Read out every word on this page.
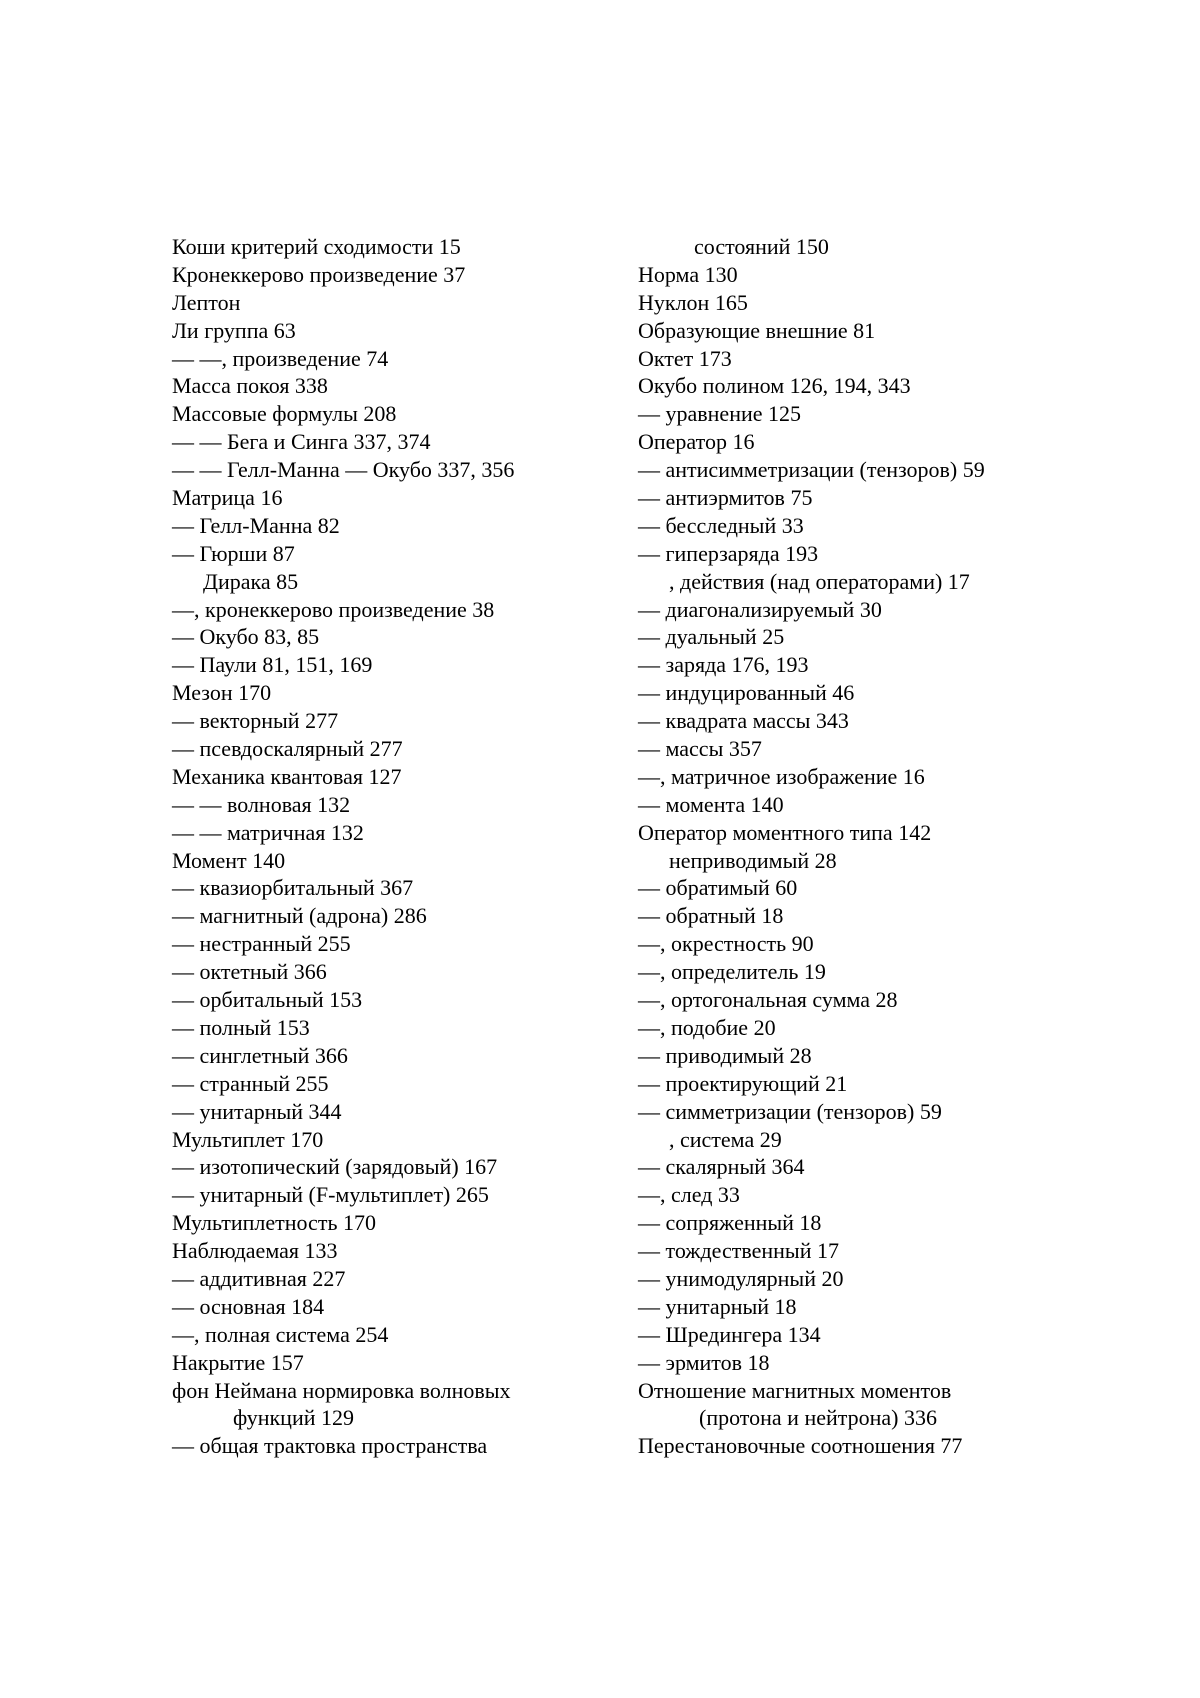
Коши критерий сходимости 15
Кронеккерово произведение 37
Лептон
Ли группа 63
— —, произведение 74
Масса покоя 338
Массовые формулы 208
— — Бега и Синга 337, 374
— — Гелл-Манна — Окубо 337, 356
Матрица 16
— Гелл-Манна 82
— Гюрши 87
Дирака 85
—, кронеккерово произведение 38
— Окубо 83, 85
— Паули 81, 151, 169
Мезон 170
— векторный 277
— псевдоскалярный 277
Механика квантовая 127
— — волновая 132
— — матричная 132
Момент 140
— квазиорбитальный 367
— магнитный (адрона) 286
— нестранный 255
— октетный 366
— орбитальный 153
— полный 153
— синглетный 366
— странный 255
— унитарный 344
Мультиплет 170
— изотопический (зарядовый) 167
— унитарный (F-мультиплет) 265
Мультиплетность 170
Наблюдаемая 133
— аддитивная 227
— основная 184
—, полная система 254
Накрытие 157
фон Неймана нормировка волновых
функций 129
— общая трактовка пространства
состояний 150
Норма 130
Нуклон 165
Образующие внешние 81
Октет 173
Окубо полином 126, 194, 343
— уравнение 125
Оператор 16
— антисимметризации (тензоров) 59
— антиэрмитов 75
— бесследный 33
— гиперзаряда 193
, действия (над операторами) 17
— диагонализируемый 30
— дуальный 25
— заряда 176, 193
— индуцированный 46
— квадрата массы 343
— массы 357
—, матричное изображение 16
— момента 140
Оператор моментного типа 142
неприводимый 28
— обратимый 60
— обратный 18
—, окрестность 90
—, определитель 19
—, ортогональная сумма 28
—, подобие 20
— приводимый 28
— проектирующий 21
— симметризации (тензоров) 59
, система 29
— скалярный 364
—, след 33
— сопряженный 18
— тождественный 17
— унимодулярный 20
— унитарный 18
— Шредингера 134
— эрмитов 18
Отношение магнитных моментов
(протона и нейтрона) 336
Перестановочные соотношения 77
